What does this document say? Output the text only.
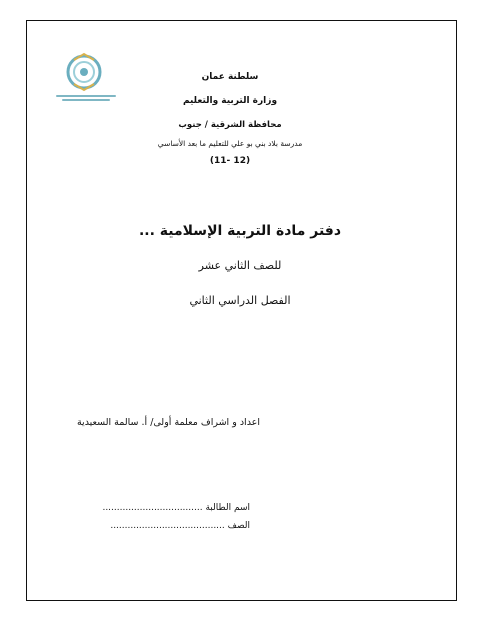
سلطنة عمان
وزارة التربية والتعليم
محافظة الشرقية / جنوب
مدرسة بلاد بني بو علي للتعليم ما بعد الأساسي
(11- 12)
دفتر مادة التربية الإسلامية ...
للصف الثاني عشر
الفصل الدراسي الثاني
اعداد و اشراف معلمة أولى/ أ. سالمة السعيدية
اسم الطالبة ...................................
الصف ........................................
